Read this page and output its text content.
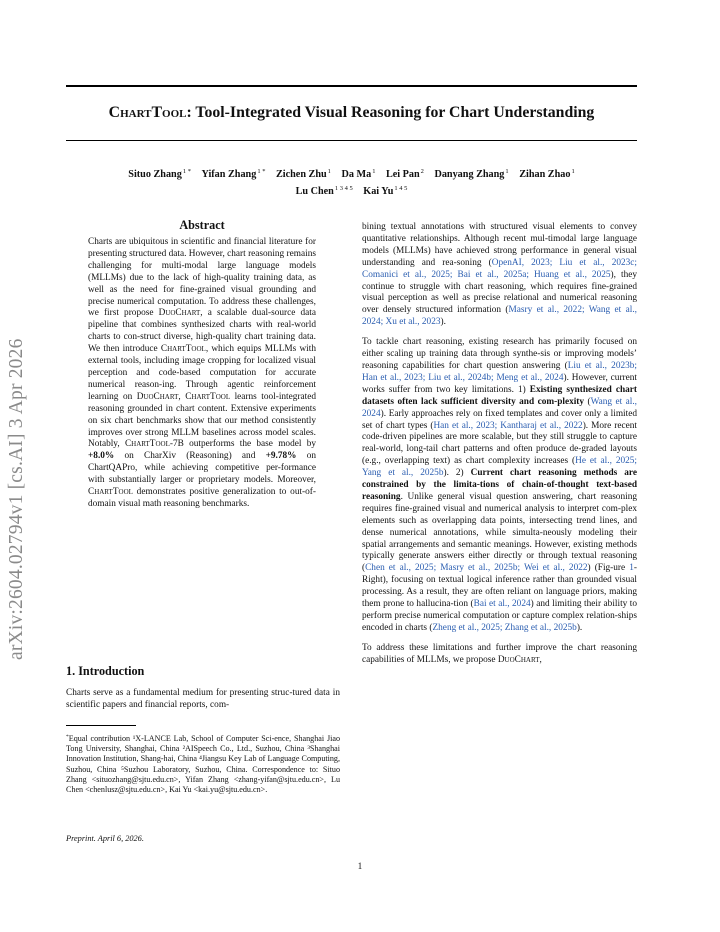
ChartTool: Tool-Integrated Visual Reasoning for Chart Understanding
Situo Zhang$^{1 *}$ Yifan Zhang$^{1 *}$ Zichen Zhu$^1$ Da Ma$^1$ Lei Pan$^2$ Danyang Zhang$^1$ Zihan Zhao$^1$
Lu Chen$^{1 3 4 5}$ Kai $Yu^{1 4 5}$
arXiv:2604.02794v1 [cs.AI] 3 Apr 2026
Abstract

Charts are ubiquitous in scientific and financial literature for presenting structured data. However, chart reasoning remains challenging for multi-modal large language models (MLLMs) due to the lack of high-quality training data, as well as the need for fine-grained visual grounding and precise numerical computation. To address these challenges, we first propose DuoChart, a scalable dual-source data pipeline that combines synthesized charts with real-world charts to con-struct diverse, high-quality chart training data. We then introduce ChartTool, which equips MLLMs with external tools, including image cropping for localized visual perception and code-based computation for accurate numerical reason-ing. Through agentic reinforcement learning on DuoChart, ChartTool learns tool-integrated reasoning grounded in chart content. Extensive experiments on six chart benchmarks show that our method consistently improves over strong MLLM baselines across model scales. Notably, ChartTool-7B outperforms the base model by +8.0% on CharXiv (Reasoning) and +9.78% on ChartQAPro, while achieving competitive per-formance with substantially larger or proprietary models. Moreover, ChartTool demonstrates positive generalization to out-of-domain visual math reasoning benchmarks.

1. Introduction

Charts serve as a fundamental medium for presenting struc-tured data in scientific papers and financial reports, com-

*Equal contribution ¹X-LANCE Lab, School of Computer Sci-ence, Shanghai Jiao Tong University, Shanghai, China ²AISpeech Co., Ltd., Suzhou, China ³Shanghai Innovation Institution, Shang-hai, China ⁴Jiangsu Key Lab of Language Computing, Suzhou, China ⁵Suzhou Laboratory, Suzhou, China. Correspondence to: Situo Zhang <situozhang@sjtu.edu.cn>, Yifan Zhang <zhang-yifan@sjtu.edu.cn>, Lu Chen <chenlusz@sjtu.edu.cn>, Kai Yu <kai.yu@sjtu.edu.cn>.

Preprint. April 6, 2026.

bining textual annotations with structured visual elements to convey quantitative relationships. Although recent mul-timodal large language models (MLLMs) have achieved strong performance in general visual understanding and rea-soning (OpenAI, 2023; Liu et al., 2023c; Comanici et al., 2025; Bai et al., 2025a; Huang et al., 2025), they continue to struggle with chart reasoning, which requires fine-grained visual perception as well as precise relational and numerical reasoning over densely structured information (Masry et al., 2022; Wang et al., 2024; Xu et al., 2023).

To tackle chart reasoning, existing research has primarily focused on either scaling up training data through synthe-sis or improving models’ reasoning capabilities for chart question answering (Liu et al., 2023b; Han et al., 2023; Liu et al., 2024b; Meng et al., 2024). However, current works suffer from two key limitations. 1) Existing synthesized chart datasets often lack sufficient diversity and com-plexity (Wang et al., 2024). Early approaches rely on fixed templates and cover only a limited set of chart types (Han et al., 2023; Kantharaj et al., 2022). More recent code-driven pipelines are more scalable, but they still struggle to capture real-world, long-tail chart patterns and often produce de-graded layouts (e.g., overlapping text) as chart complexity increases (He et al., 2025; Yang et al., 2025b). 2) Current chart reasoning methods are constrained by the limita-tions of chain-of-thought text-based reasoning. Unlike general visual question answering, chart reasoning requires fine-grained visual and numerical analysis to interpret com-plex elements such as overlapping data points, intersecting trend lines, and dense numerical annotations, while simulta-neously modeling their spatial arrangements and semantic meanings. However, existing methods typically generate answers either directly or through textual reasoning (Chen et al., 2025; Masry et al., 2025b; Wei et al., 2022) (Fig-ure 1-Right), focusing on textual logical inference rather than grounded visual processing. As a result, they are often reliant on language priors, making them prone to hallucina-tion (Bai et al., 2024) and limiting their ability to perform precise numerical computation or capture complex relation-ships encoded in charts (Zheng et al., 2025; Zhang et al., 2025b).

To address these limitations and further improve the chart reasoning capabilities of MLLMs, we propose DuoChart,

1
